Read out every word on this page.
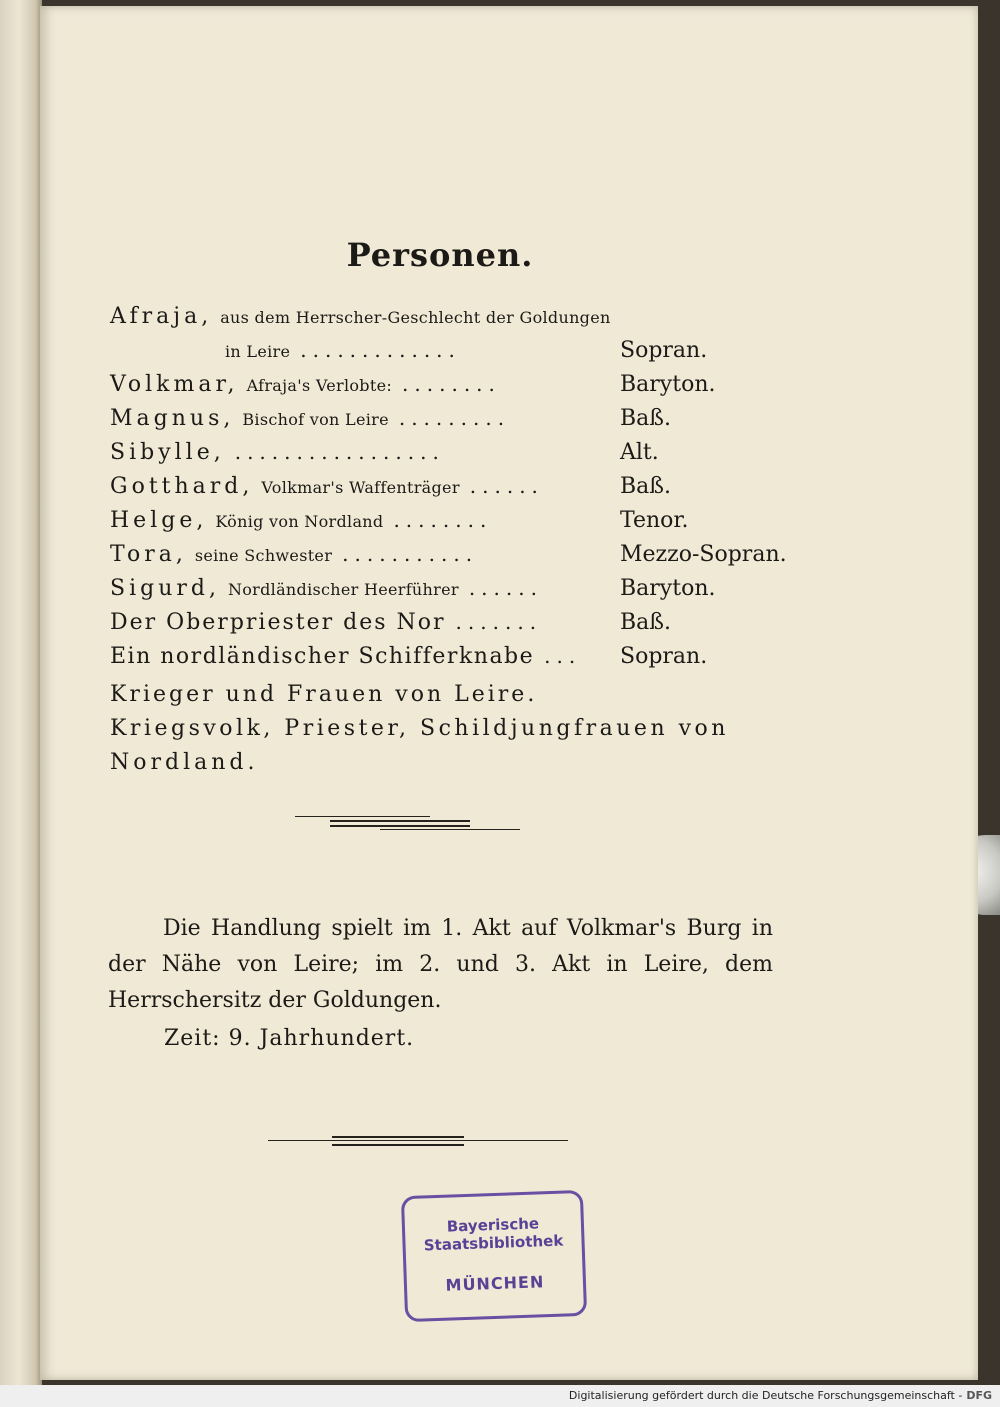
Personen.
Afraja, aus dem Herrscher-Geschlecht der Goldungen
in Leire .............	Sopran.
Volkmar, Afraja's Verlobte: ........	Baryton.
Magnus, Bischof von Leire .........	Baß.
Sibylle, .................	Alt.
Gotthard, Volkmar's Waffenträger ......	Baß.
Helge, König von Nordland ........	Tenor.
Tora, seine Schwester ...........	Mezzo-Sopran.
Sigurd, Nordländischer Heerführer ......	Baryton.
Der Oberpriester des Nor .......	Baß.
Ein nordländischer Schifferknabe ... Sopran.
Krieger und Frauen von Leire.
Kriegsvolk, Priester, Schildjungfrauen von
Nordland.

Die Handlung spielt im 1. Akt auf Volkmar's Burg in der Nähe von Leire; im 2. und 3. Akt in Leire, dem Herrschersitz der Goldungen.

Zeit: 9. Jahrhundert.
Bayerische
Staatsbibliothek
MÜNCHEN
Digitalisierung gefördert durch die Deutsche Forschungsgemeinschaft - DFG
